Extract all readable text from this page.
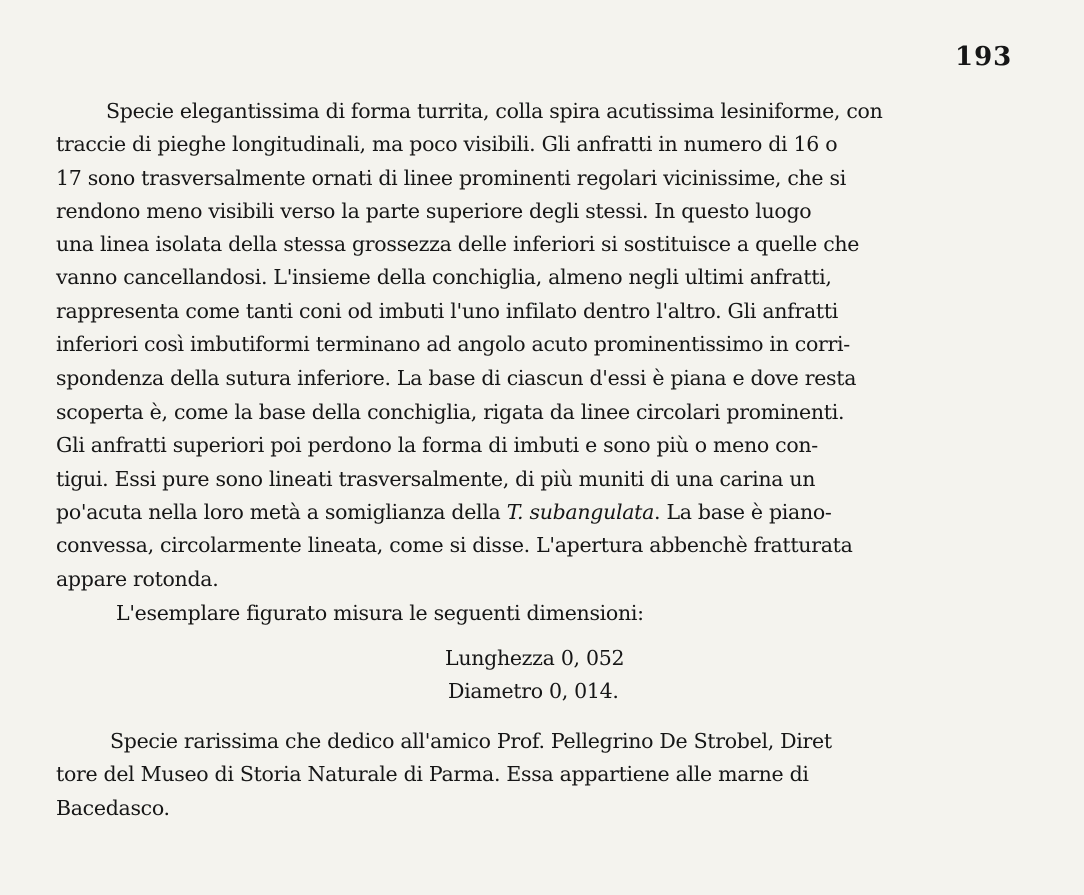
193
Specie elegantissima di forma turrita, colla spira acutissima lesiniforme, con
traccie di pieghe longitudinali, ma poco visibili. Gli anfratti in numero di 16 o
17 sono trasversalmente ornati di linee prominenti regolari vicinissime, che si
rendono meno visibili verso la parte superiore degli stessi. In questo luogo
una linea isolata della stessa grossezza delle inferiori si sostituisce a quelle che
vanno cancellandosi. L'insieme della conchiglia, almeno negli ultimi anfratti,
rappresenta come tanti coni od imbuti l'uno infilato dentro l'altro. Gli anfratti
inferiori così imbutiformi terminano ad angolo acuto prominentissimo in corri-
spondenza della sutura inferiore. La base di ciascun d'essi è piana e dove resta
scoperta è, come la base della conchiglia, rigata da linee circolari prominenti.
Gli anfratti superiori poi perdono la forma di imbuti e sono più o meno con-
tigui. Essi pure sono lineati trasversalmente, di più muniti di una carina un
po'acuta nella loro metà a somiglianza della T. subangulata. La base è piano-
convessa, circolarmente lineata, come si disse. L'apertura abbenchè fratturata
appare rotonda.
L'esemplare figurato misura le seguenti dimensioni:
Lunghezza 0, 052
Diametro 0, 014.
Specie rarissima che dedico all'amico Prof. Pellegrino De Strobel, Diret
tore del Museo di Storia Naturale di Parma. Essa appartiene alle marne di
Bacedasco.
